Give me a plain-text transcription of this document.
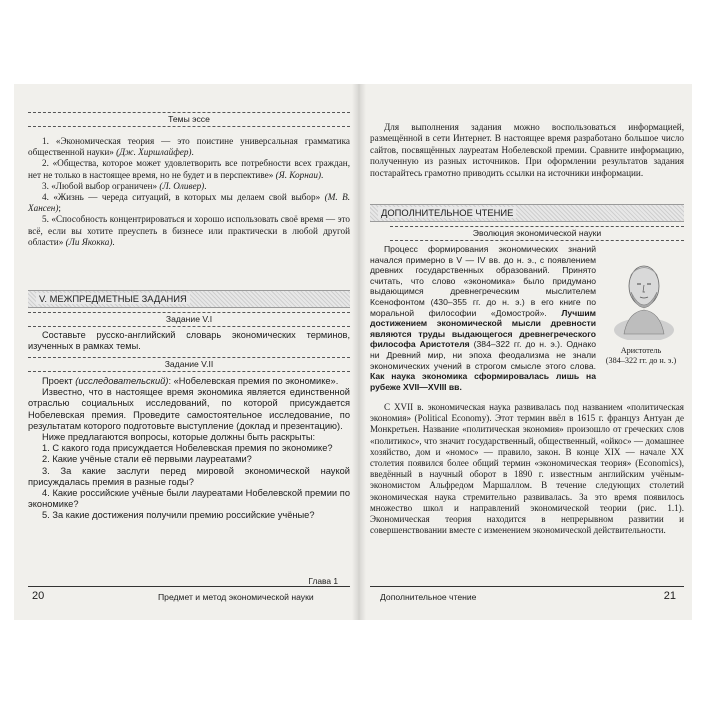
Темы эссе

1. «Экономическая теория — это поистине универсальная грамматика общественной науки» (Дж. Хиршлайфер).

2. «Общества, которое может удовлетворить все потребности всех граждан, нет не только в настоящее время, но не будет и в перспективе» (Я. Корнаи).

3. «Любой выбор ограничен» (Л. Оливер).

4. «Жизнь — череда ситуаций, в которых мы делаем свой выбор» (М. В. Хансен);

5. «Способность концентрироваться и хорошо использовать своё время — это всё, если вы хотите преуспеть в бизнесе или практически в любой другой области» (Ли Якокка).

V. МЕЖПРЕДМЕТНЫЕ ЗАДАНИЯ
Задание V.I

Составьте русско-английский словарь экономических терминов, изученных в рамках темы.

Задание V.II

Проект (исследовательский): «Нобелевская премия по экономике».

Известно, что в настоящее время экономика является единственной отраслью социальных исследований, по которой присуждается Нобелевская премия. Проведите самостоятельное исследование, по результатам которого подготовьте выступление (доклад и презентацию).

Ниже предлагаются вопросы, которые должны быть раскрыты:

1. С какого года присуждается Нобелевская премия по экономике?

2. Какие учёные стали её первыми лауреатами?

3. За какие заслуги перед мировой экономической наукой присуждалась премия в разные годы?

4. Какие российские учёные были лауреатами Нобелевской премии по экономике?

5. За какие достижения получили премию российские учёные?

Глава 1
20	Предмет и метод экономической науки

Для выполнения задания можно воспользоваться информацией, размещённой в сети Интернет. В настоящее время разработано большое число сайтов, посвящённых лауреатам Нобелевской премии. Сравните информацию, полученную из разных источников. При оформлении результатов задания постарайтесь грамотно приводить ссылки на источники информации.

ДОПОЛНИТЕЛЬНОЕ ЧТЕНИЕ
Эволюция экономической науки

Процесс формирования экономических знаний начался примерно в V — IV вв. до н. э., с появлением древних государственных образований. Принято считать, что слово «экономика» было придумано выдающимся древнегреческим мыслителем Ксенофонтом (430–355 гг. до н. э.) в его книге по моральной философии «Домострой». Лучшим достижением экономической мысли древности являются труды выдающегося древнегреческого философа Аристотеля (384–322 гг. до н. э.). Однако ни Древний мир, ни эпоха феодализма не знали экономических учений в строгом смысле этого слова. Как наука экономика сформировалась лишь на рубеже XVII—XVIII вв.

Аристотель
(384–322 гг. до н. э.)

С XVII в. экономическая наука развивалась под названием «политическая экономия» (Political Economy). Этот термин ввёл в 1615 г. француз Антуан де Монкретьен. Название «политическая экономия» произошло от греческих слов «политикос», что значит государственный, общественный, «ойкос» — домашнее хозяйство, дом и «номос» — правило, закон. В конце XIX — начале XX столетия появился более общий термин «экономическая теория» (Economics), введённый в научный оборот в 1890 г. известным английским учёным-экономистом Альфредом Маршаллом. В течение следующих столетий экономическая наука стремительно развивалась. За это время появилось множество школ и направлений экономической теории (рис. 1.1). Экономическая теория находится в непрерывном развитии и совершенствовании вместе с изменением экономической действительности.

Дополнительное чтение	21
